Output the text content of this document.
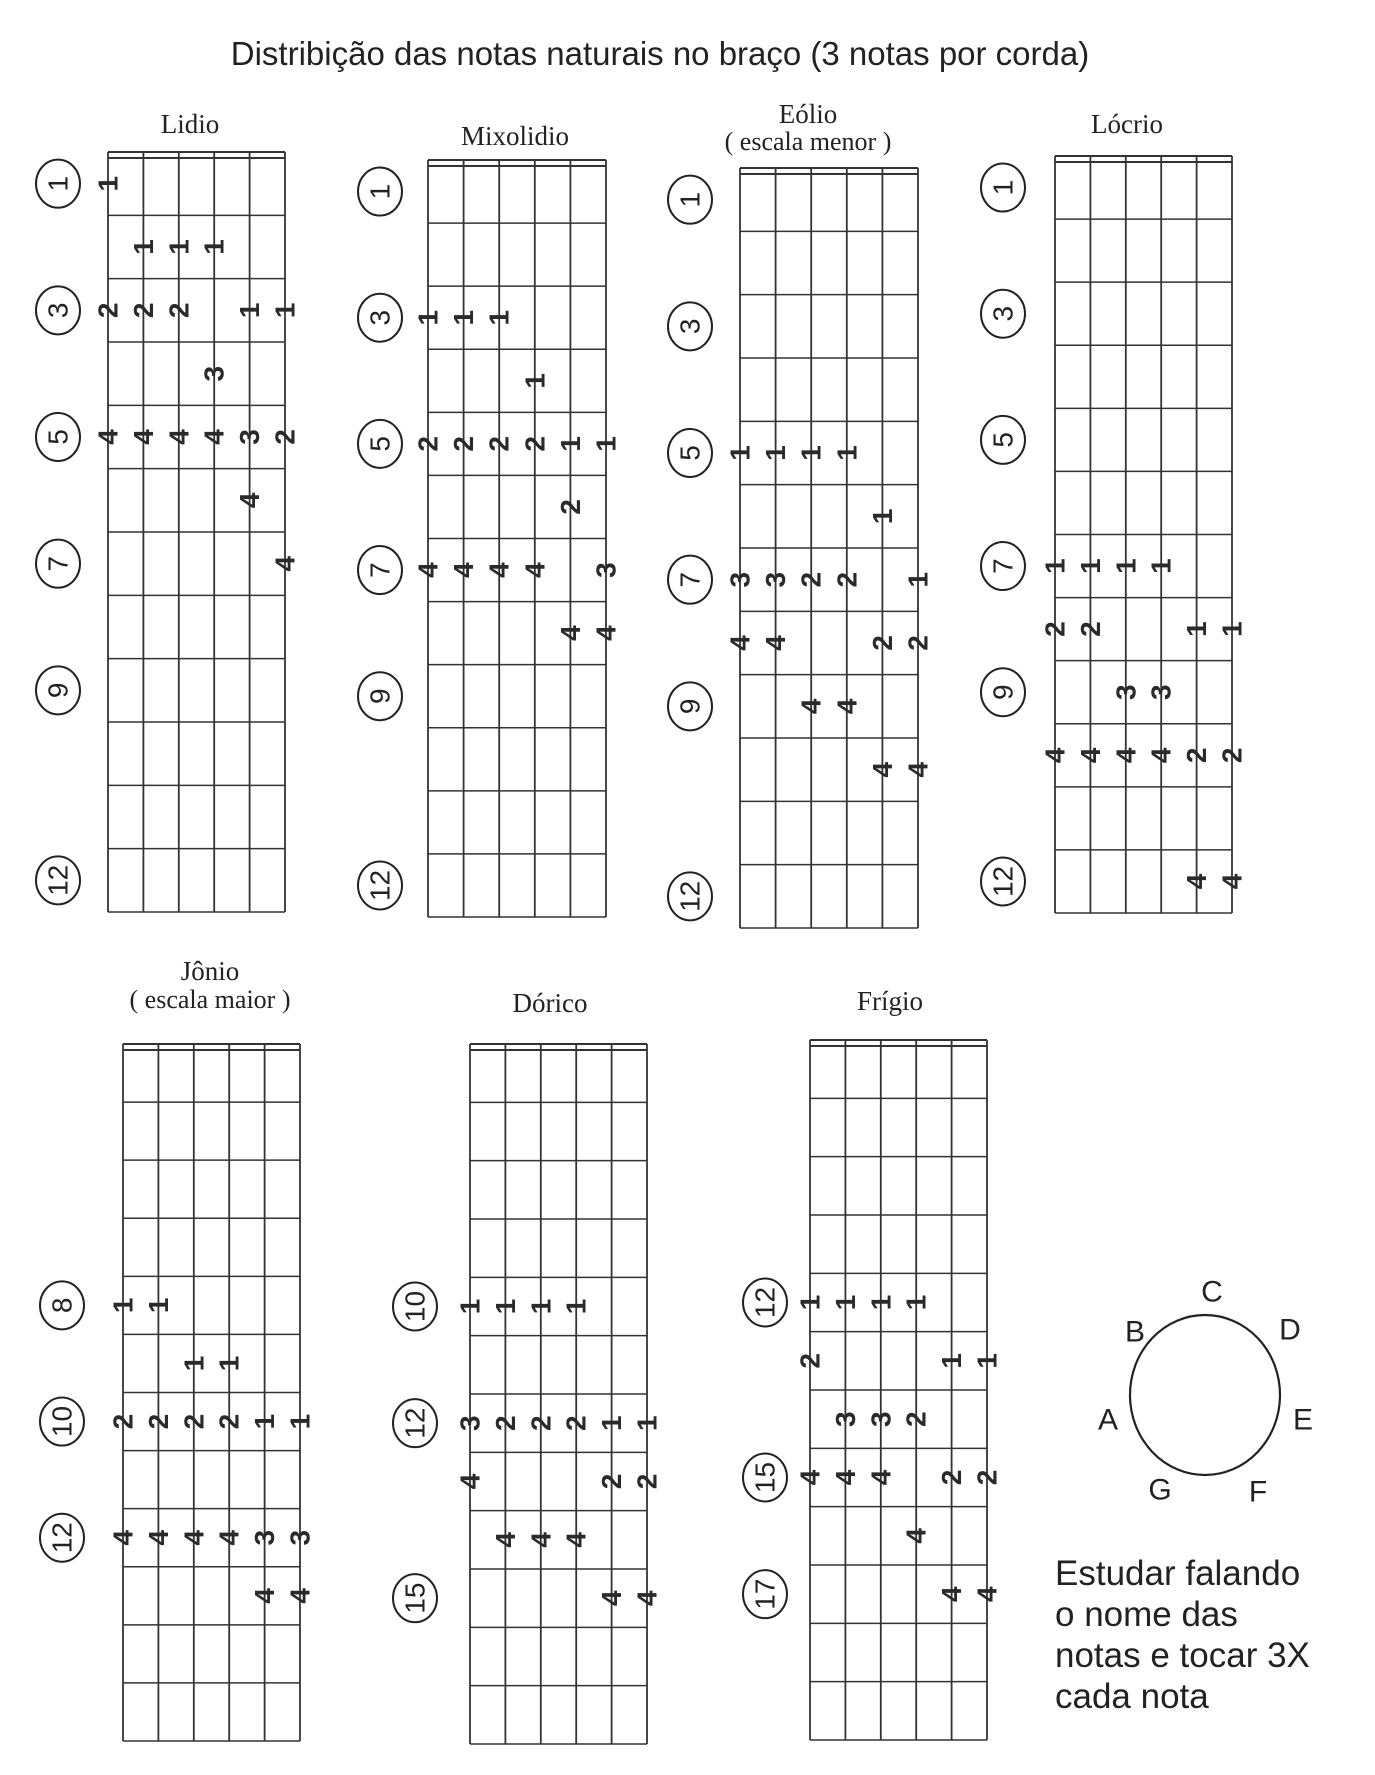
Distribição das notas naturais no braço (3 notas por corda)
Lidio
1
3
5
7
9
12
1
2
4
1
2
4
1
2
4
1
3
4
1
3
4
1
2
4
Mixolidio
1
3
5
7
9
12
1
2
4
1
2
4
1
2
4
1
2
4
1
2
4
1
3
4
Eólio
( escala menor )
1
3
5
7
9
12
1
3
4
1
3
4
1
2
4
1
2
4
1
2
4
1
2
4
Lócrio
1
3
5
7
9
12
1
2
4
1
2
4
1
3
4
1
3
4
1
2
4
1
2
4
Jônio
( escala maior )
8
10
12
1
2
4
1
2
4
1
2
4
1
2
4
1
3
4
1
3
4
Dórico
10
12
15
1
3
4
1
2
4
1
2
4
1
2
4
1
2
4
1
2
4
Frígio
12
15
17
1
2
4
1
3
4
1
3
4
1
2
4
1
2
4
1
2
4
C
D
E
F
G
A
B
Estudar falando
o nome das
notas e tocar 3X
cada nota
